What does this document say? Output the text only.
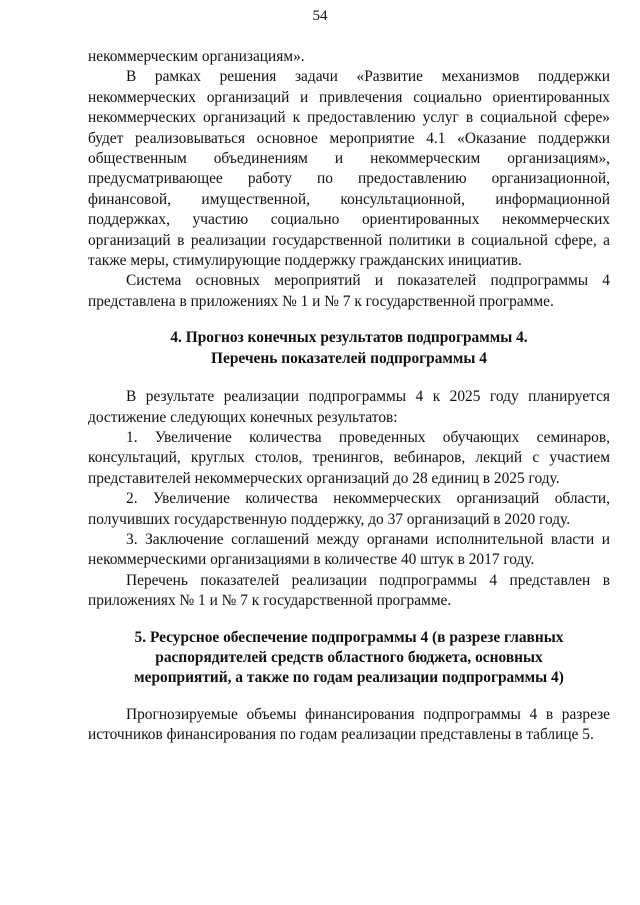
54

некоммерческим организациям».

В рамках решения задачи «Развитие механизмов поддержки некоммерческих организаций и привлечения социально ориентированных некоммерческих организаций к предоставлению услуг в социальной сфере» будет реализовываться основное мероприятие 4.1 «Оказание поддержки общественным объединениям и некоммерческим организациям», предусматривающее работу по предоставлению организационной, финансовой, имущественной, консультационной, информационной поддержках, участию социально ориентированных некоммерческих организаций в реализации государственной политики в социальной сфере, а также меры, стимулирующие поддержку гражданских инициатив.

Система основных мероприятий и показателей подпрограммы 4 представлена в приложениях № 1 и № 7 к государственной программе.

4. Прогноз конечных результатов подпрограммы 4.
Перечень показателей подпрограммы 4

В результате реализации подпрограммы 4 к 2025 году планируется достижение следующих конечных результатов:

1. Увеличение количества проведенных обучающих семинаров, консультаций, круглых столов, тренингов, вебинаров, лекций с участием представителей некоммерческих организаций до 28 единиц в 2025 году.

2. Увеличение количества некоммерческих организаций области, получивших государственную поддержку, до 37 организаций в 2020 году.

3. Заключение соглашений между органами исполнительной власти и некоммерческими организациями в количестве 40 штук в 2017 году.

Перечень показателей реализации подпрограммы 4 представлен в приложениях № 1 и № 7 к государственной программе.

5. Ресурсное обеспечение подпрограммы 4 (в разрезе главных
распорядителей средств областного бюджета, основных
мероприятий, а также по годам реализации подпрограммы 4)

Прогнозируемые объемы финансирования подпрограммы 4 в разрезе источников финансирования по годам реализации представлены в таблице 5.
